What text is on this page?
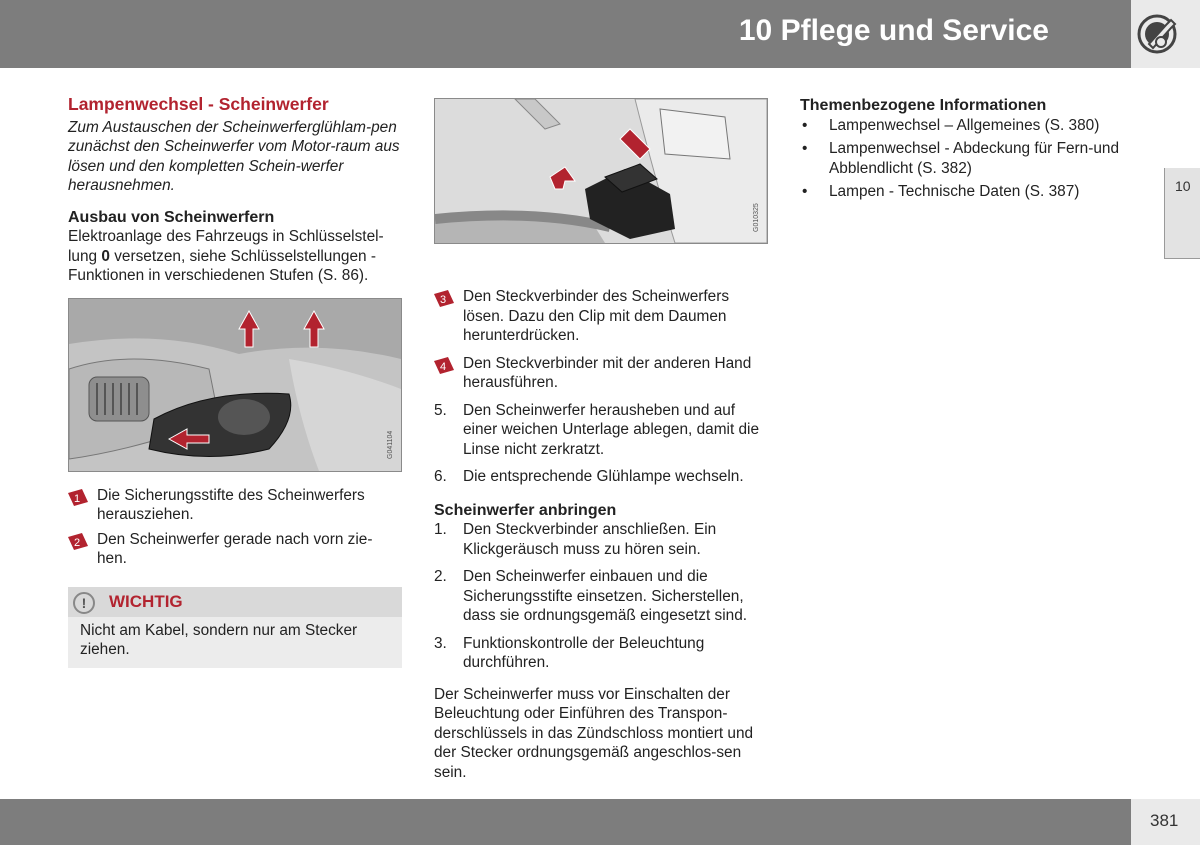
10 Pflege und Service
10
Lampenwechsel - Scheinwerfer

Zum Austauschen der Scheinwerferglühlam-pen zunächst den Scheinwerfer vom Motor-raum aus lösen und den kompletten Schein-werfer herausnehmen.

Ausbau von Scheinwerfern

Elektroanlage des Fahrzeugs in Schlüsselstel-lung 0 versetzen, siehe Schlüsselstellungen - Funktionen in verschiedenen Stufen (S. 86).

G041104
1 Die Sicherungsstifte des Scheinwerfers herausziehen.
2 Den Scheinwerfer gerade nach vorn zie-hen.
!	WICHTIG
Nicht am Kabel, sondern nur am Stecker ziehen.
G010325
3 Den Steckverbinder des Scheinwerfers lösen. Dazu den Clip mit dem Daumen herunterdrücken.
4 Den Steckverbinder mit der anderen Hand herausführen.
5.	Den Scheinwerfer herausheben und auf einer weichen Unterlage ablegen, damit die Linse nicht zerkratzt.
6.	Die entsprechende Glühlampe wechseln.
Scheinwerfer anbringen
1.	Den Steckverbinder anschließen. Ein Klickgeräusch muss zu hören sein.
2.	Den Scheinwerfer einbauen und die Sicherungsstifte einsetzen. Sicherstellen, dass sie ordnungsgemäß eingesetzt sind.
3.	Funktionskontrolle der Beleuchtung durchführen.

Der Scheinwerfer muss vor Einschalten der Beleuchtung oder Einführen des Transpon-derschlüssels in das Zündschloss montiert und der Stecker ordnungsgemäß angeschlos-sen sein.

Themenbezogene Informationen
• Lampenwechsel – Allgemeines (S. 380)
• Lampenwechsel - Abdeckung für Fern-und Abblendlicht (S. 382)
• Lampen - Technische Daten (S. 387)
381
